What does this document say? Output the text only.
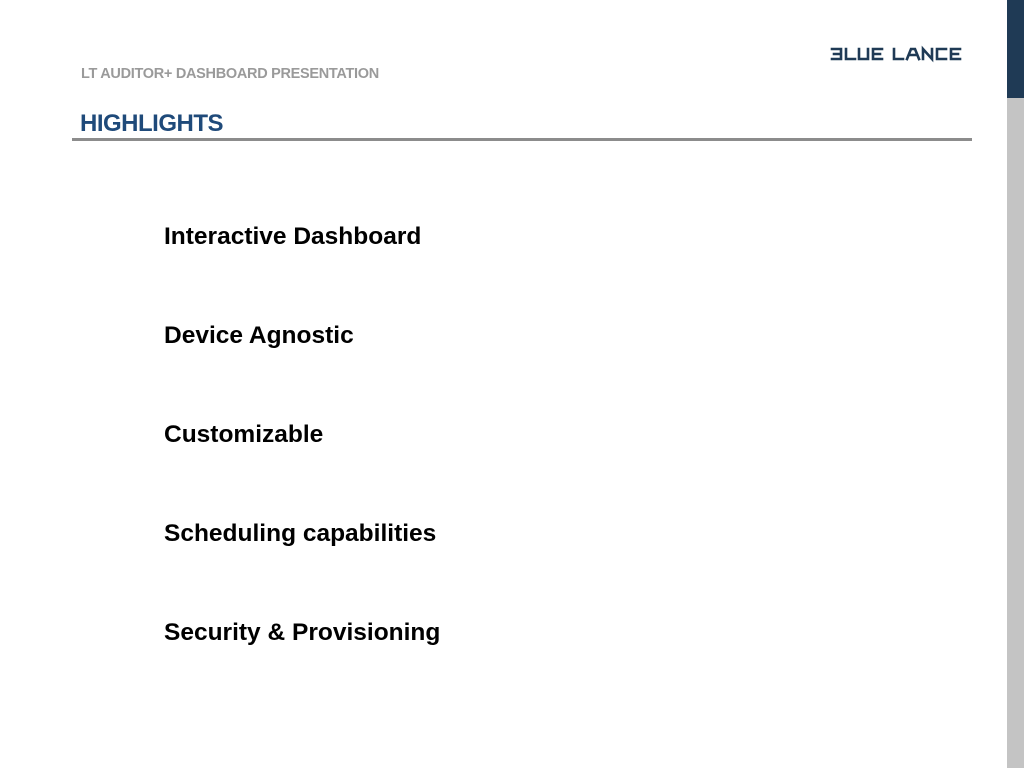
LT AUDITOR+ DASHBOARD PRESENTATION
HIGHLIGHTS
Interactive Dashboard
Device Agnostic
Customizable
Scheduling capabilities
Security & Provisioning
